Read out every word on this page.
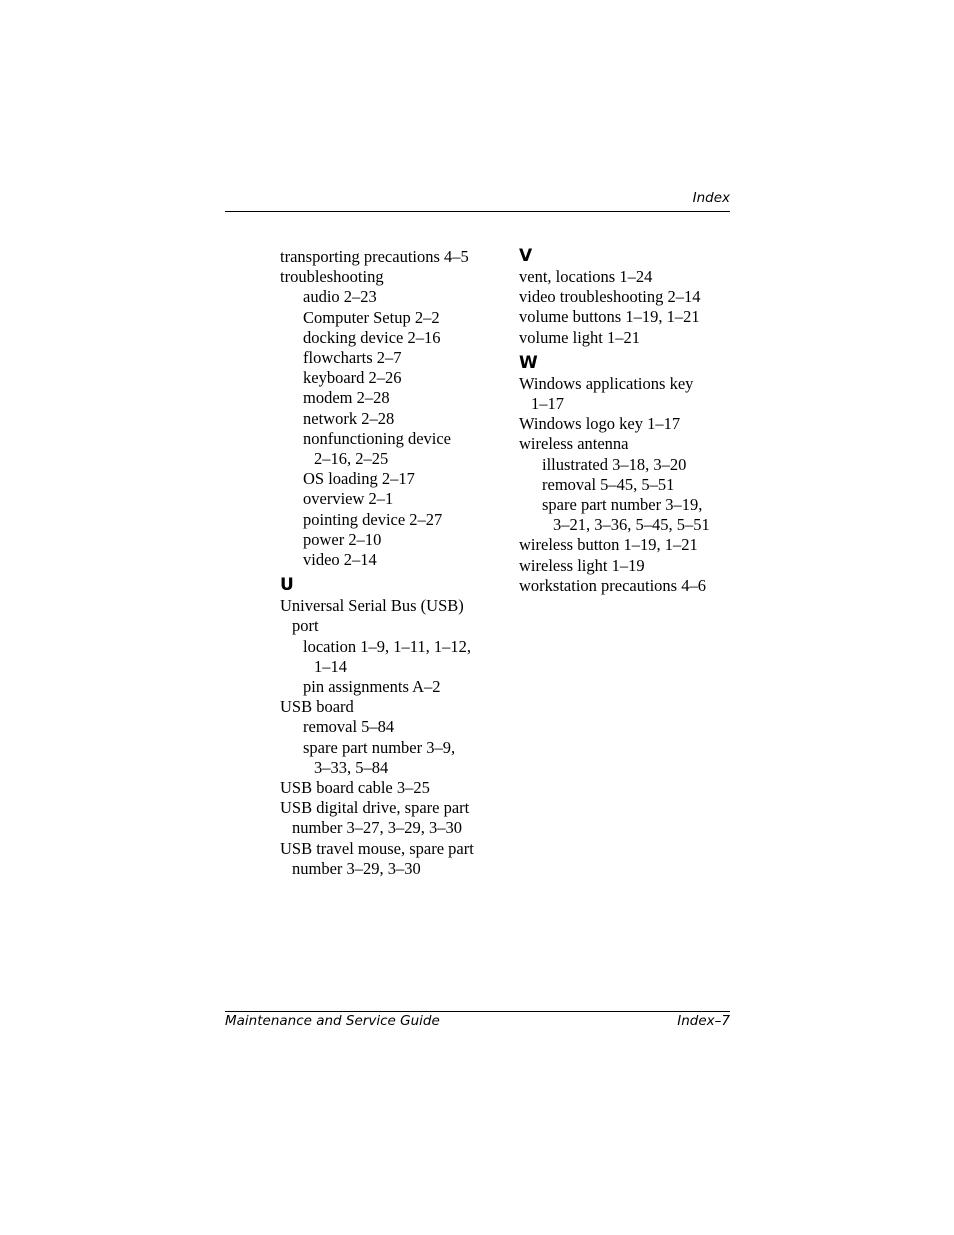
Index
transporting precautions 4–5
troubleshooting
audio 2–23
Computer Setup 2–2
docking device 2–16
flowcharts 2–7
keyboard 2–26
modem 2–28
network 2–28
nonfunctioning device
2–16, 2–25
OS loading 2–17
overview 2–1
pointing device 2–27
power 2–10
video 2–14
U
Universal Serial Bus (USB)
port
location 1–9, 1–11, 1–12,
1–14
pin assignments A–2
USB board
removal 5–84
spare part number 3–9,
3–33, 5–84
USB board cable 3–25
USB digital drive, spare part
number 3–27, 3–29, 3–30
USB travel mouse, spare part
number 3–29, 3–30
V
vent, locations 1–24
video troubleshooting 2–14
volume buttons 1–19, 1–21
volume light 1–21
W
Windows applications key
1–17
Windows logo key 1–17
wireless antenna
illustrated 3–18, 3–20
removal 5–45, 5–51
spare part number 3–19,
3–21, 3–36, 5–45, 5–51
wireless button 1–19, 1–21
wireless light 1–19
workstation precautions 4–6
Maintenance and Service Guide	Index–7
